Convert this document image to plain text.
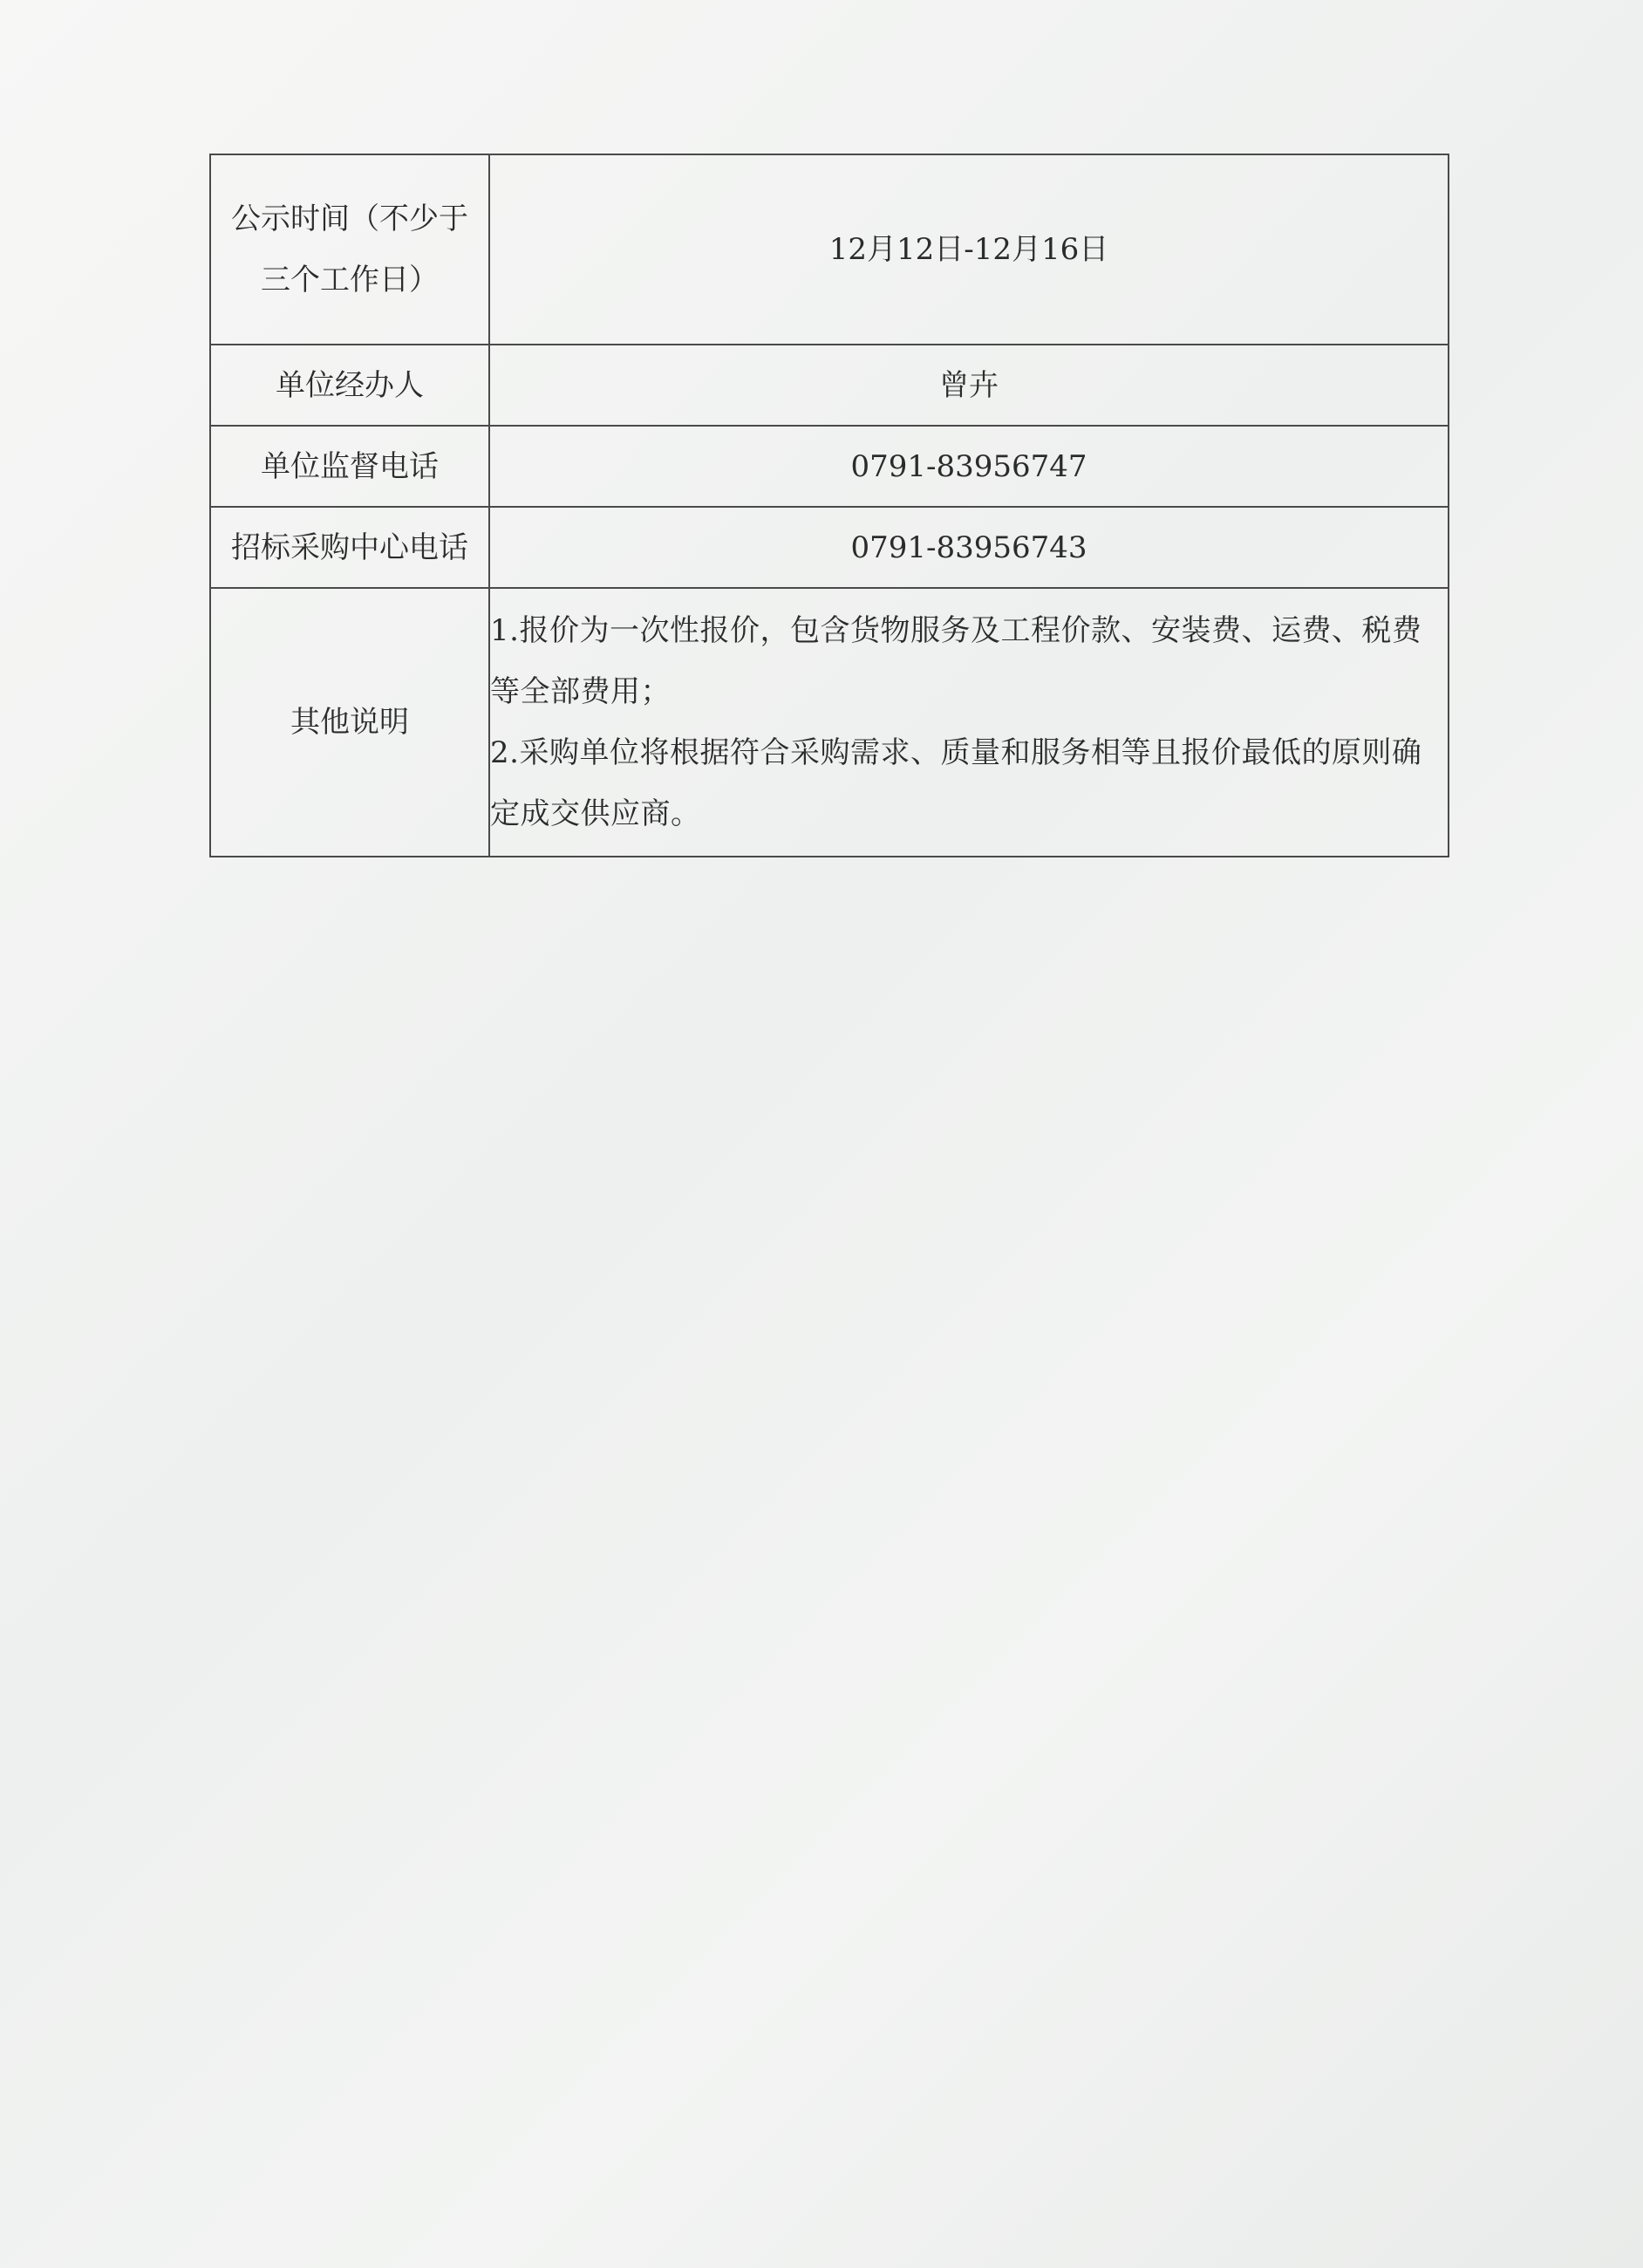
公示时间（不少于
三个工作日）	12月12日-12月16日
单位经办人	曾卉
单位监督电话	0791-83956747
招标采购中心电话	0791-83956743
其他说明	1.报价为一次性报价，包含货物服务及工程价款、安装费、运费、税费等全部费用；

2.采购单位将根据符合采购需求、质量和服务相等且报价最低的原则确定成交供应商。
